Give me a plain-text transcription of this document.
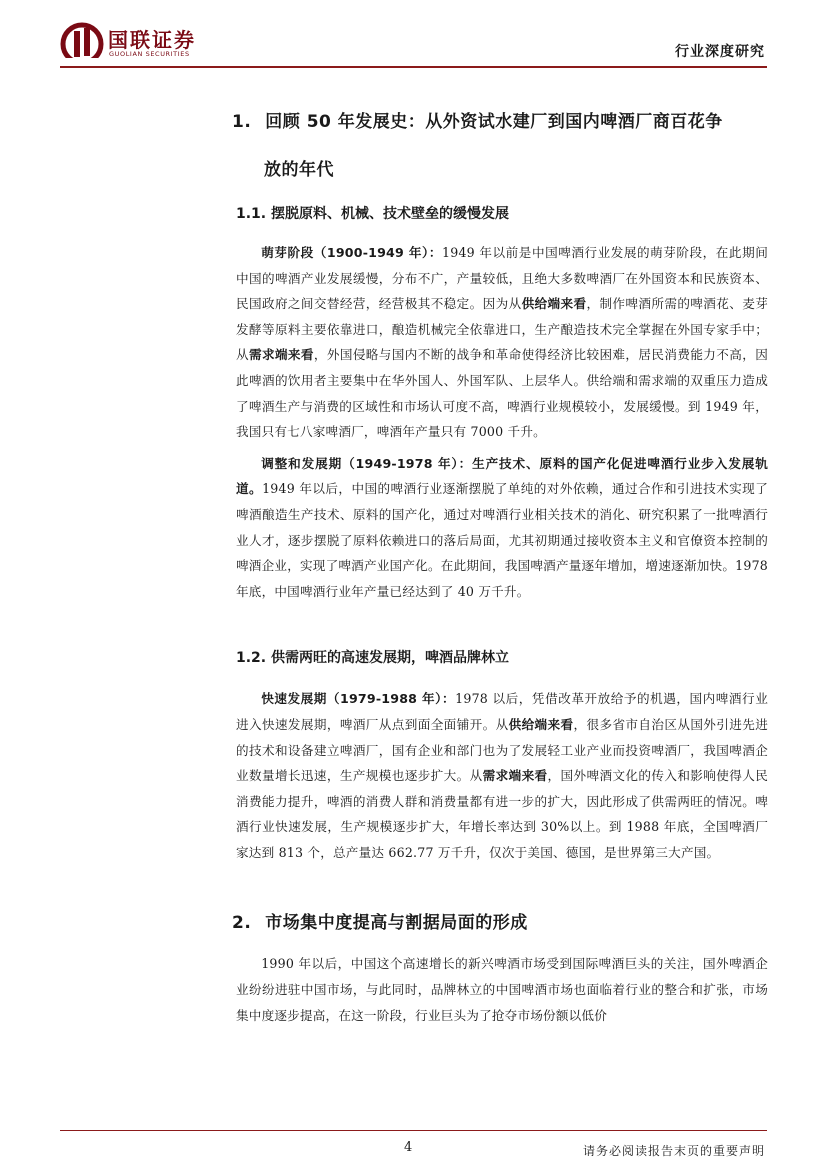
国联证券
GUOLIAN SECURITIES	行业深度研究
1. 回顾 50 年发展史：从外资试水建厂到国内啤酒厂商百花争
放的年代
1.1. 摆脱原料、机械、技术壁垒的缓慢发展

萌芽阶段（1900-1949 年）：1949 年以前是中国啤酒行业发展的萌芽阶段，在此期间中国的啤酒产业发展缓慢，分布不广，产量较低，且绝大多数啤酒厂在外国资本和民族资本、民国政府之间交替经营，经营极其不稳定。因为从供给端来看，制作啤酒所需的啤酒花、麦芽发酵等原料主要依靠进口，酿造机械完全依靠进口，生产酿造技术完全掌握在外国专家手中；从需求端来看，外国侵略与国内不断的战争和革命使得经济比较困难，居民消费能力不高，因此啤酒的饮用者主要集中在华外国人、外国军队、上层华人。供给端和需求端的双重压力造成了啤酒生产与消费的区域性和市场认可度不高，啤酒行业规模较小，发展缓慢。到 1949 年，我国只有七八家啤酒厂，啤酒年产量只有 7000 千升。

调整和发展期（1949-1978 年）：生产技术、原料的国产化促进啤酒行业步入发展轨道。1949 年以后，中国的啤酒行业逐渐摆脱了单纯的对外依赖，通过合作和引进技术实现了啤酒酿造生产技术、原料的国产化，通过对啤酒行业相关技术的消化、研究积累了一批啤酒行业人才，逐步摆脱了原料依赖进口的落后局面，尤其初期通过接收资本主义和官僚资本控制的啤酒企业，实现了啤酒产业国产化。在此期间，我国啤酒产量逐年增加，增速逐渐加快。1978 年底，中国啤酒行业年产量已经达到了 40 万千升。

1.2. 供需两旺的高速发展期，啤酒品牌林立

快速发展期（1979-1988 年）：1978 以后，凭借改革开放给予的机遇，国内啤酒行业进入快速发展期，啤酒厂从点到面全面铺开。从供给端来看，很多省市自治区从国外引进先进的技术和设备建立啤酒厂，国有企业和部门也为了发展轻工业产业而投资啤酒厂，我国啤酒企业数量增长迅速，生产规模也逐步扩大。从需求端来看，国外啤酒文化的传入和影响使得人民消费能力提升，啤酒的消费人群和消费量都有进一步的扩大，因此形成了供需两旺的情况。啤酒行业快速发展，生产规模逐步扩大，年增长率达到 30%以上。到 1988 年底，全国啤酒厂家达到 813 个，总产量达 662.77 万千升，仅次于美国、德国，是世界第三大产国。

2. 市场集中度提高与割据局面的形成

1990 年以后，中国这个高速增长的新兴啤酒市场受到国际啤酒巨头的关注，国外啤酒企业纷纷进驻中国市场，与此同时，品牌林立的中国啤酒市场也面临着行业的整合和扩张，市场集中度逐步提高，在这一阶段，行业巨头为了抢夺市场份额以低价

4	请务必阅读报告末页的重要声明
